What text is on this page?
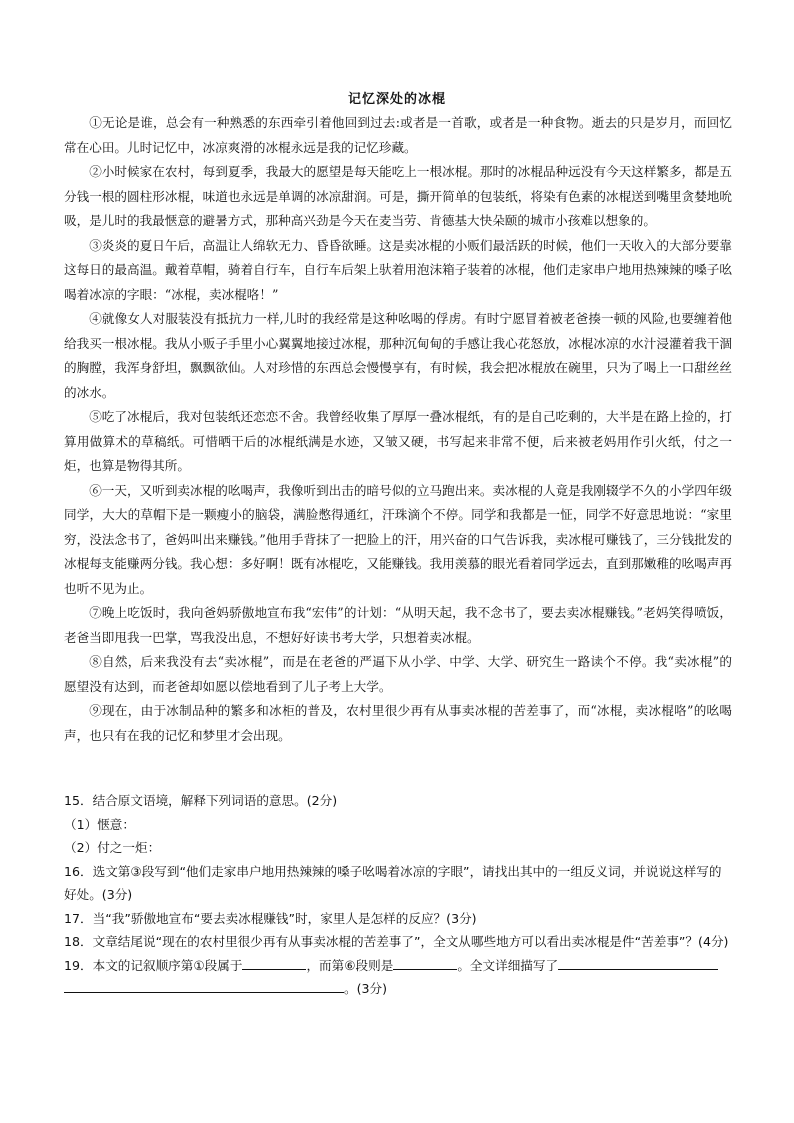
记忆深处的冰棍

①无论是谁，总会有一种熟悉的东西牵引着他回到过去:或者是一首歌，或者是一种食物。逝去的只是岁月，而回忆常在心田。儿时记忆中，冰凉爽滑的冰棍永远是我的记忆珍藏。

②小时候家在农村，每到夏季，我最大的愿望是每天能吃上一根冰棍。那时的冰棍品种远没有今天这样繁多，都是五分钱一根的圆柱形冰棍，味道也永远是单调的冰凉甜润。可是，撕开简单的包装纸，将染有色素的冰棍送到嘴里贪婪地吮吸，是儿时的我最惬意的避暑方式，那种高兴劲是今天在麦当劳、肯德基大快朵颐的城市小孩难以想象的。

③炎炎的夏日午后，高温让人绵软无力、昏昏欲睡。这是卖冰棍的小贩们最活跃的时候，他们一天收入的大部分要靠这每日的最高温。戴着草帽，骑着自行车，自行车后架上驮着用泡沫箱子装着的冰棍，他们走家串户地用热辣辣的嗓子吆喝着冰凉的字眼：“冰棍，卖冰棍咯！”

④就像女人对服装没有抵抗力一样,儿时的我经常是这种吆喝的俘虏。有时宁愿冒着被老爸揍一顿的风险,也要缠着他给我买一根冰棍。我从小贩子手里小心翼翼地接过冰棍，那种沉甸甸的手感让我心花怒放，冰棍冰凉的水汁浸灌着我干涸的胸膛，我浑身舒坦，飘飘欲仙。人对珍惜的东西总会慢慢享有，有时候，我会把冰棍放在碗里，只为了喝上一口甜丝丝的冰水。

⑤吃了冰棍后，我对包装纸还恋恋不舍。我曾经收集了厚厚一叠冰棍纸，有的是自己吃剩的，大半是在路上捡的，打算用做算术的草稿纸。可惜晒干后的冰棍纸满是水迹，又皱又硬，书写起来非常不便，后来被老妈用作引火纸，付之一炬，也算是物得其所。

⑥一天，又听到卖冰棍的吆喝声，我像听到出击的暗号似的立马跑出来。卖冰棍的人竟是我刚辍学不久的小学四年级同学，大大的草帽下是一颗瘦小的脑袋，满脸憋得通红，汗珠滴个不停。同学和我都是一怔，同学不好意思地说：“家里穷，没法念书了，爸妈叫出来赚钱。”他用手背抹了一把脸上的汗，用兴奋的口气告诉我，卖冰棍可赚钱了，三分钱批发的冰棍每支能赚两分钱。我心想：多好啊！既有冰棍吃，又能赚钱。我用羡慕的眼光看着同学远去，直到那嫩稚的吆喝声再也听不见为止。

⑦晚上吃饭时，我向爸妈骄傲地宣布我“宏伟”的计划：“从明天起，我不念书了，要去卖冰棍赚钱。”老妈笑得喷饭，老爸当即甩我一巴掌，骂我没出息，不想好好读书考大学，只想着卖冰棍。

⑧自然，后来我没有去“卖冰棍”，而是在老爸的严逼下从小学、中学、大学、研究生一路读个不停。我“卖冰棍”的愿望没有达到，而老爸却如愿以偿地看到了儿子考上大学。

⑨现在，由于冰制品种的繁多和冰柜的普及，农村里很少再有从事卖冰棍的苦差事了，而“冰棍，卖冰棍咯”的吆喝声，也只有在我的记忆和梦里才会出现。

15．结合原文语境，解释下列词语的意思。(2分)
（1）惬意：
（2）付之一炬：
16．选文第③段写到“他们走家串户地用热辣辣的嗓子吆喝着冰凉的字眼”，请找出其中的一组反义词，并说说这样写的好处。(3分)
17．当“我”骄傲地宣布“要去卖冰棍赚钱”时，家里人是怎样的反应？(3分)
18．文章结尾说“现在的农村里很少再有从事卖冰棍的苦差事了”，全文从哪些地方可以看出卖冰棍是件“苦差事”？(4分)
19．本文的记叙顺序第①段属于	，而第⑥段则是	。全文详细描写了
。(3分)
